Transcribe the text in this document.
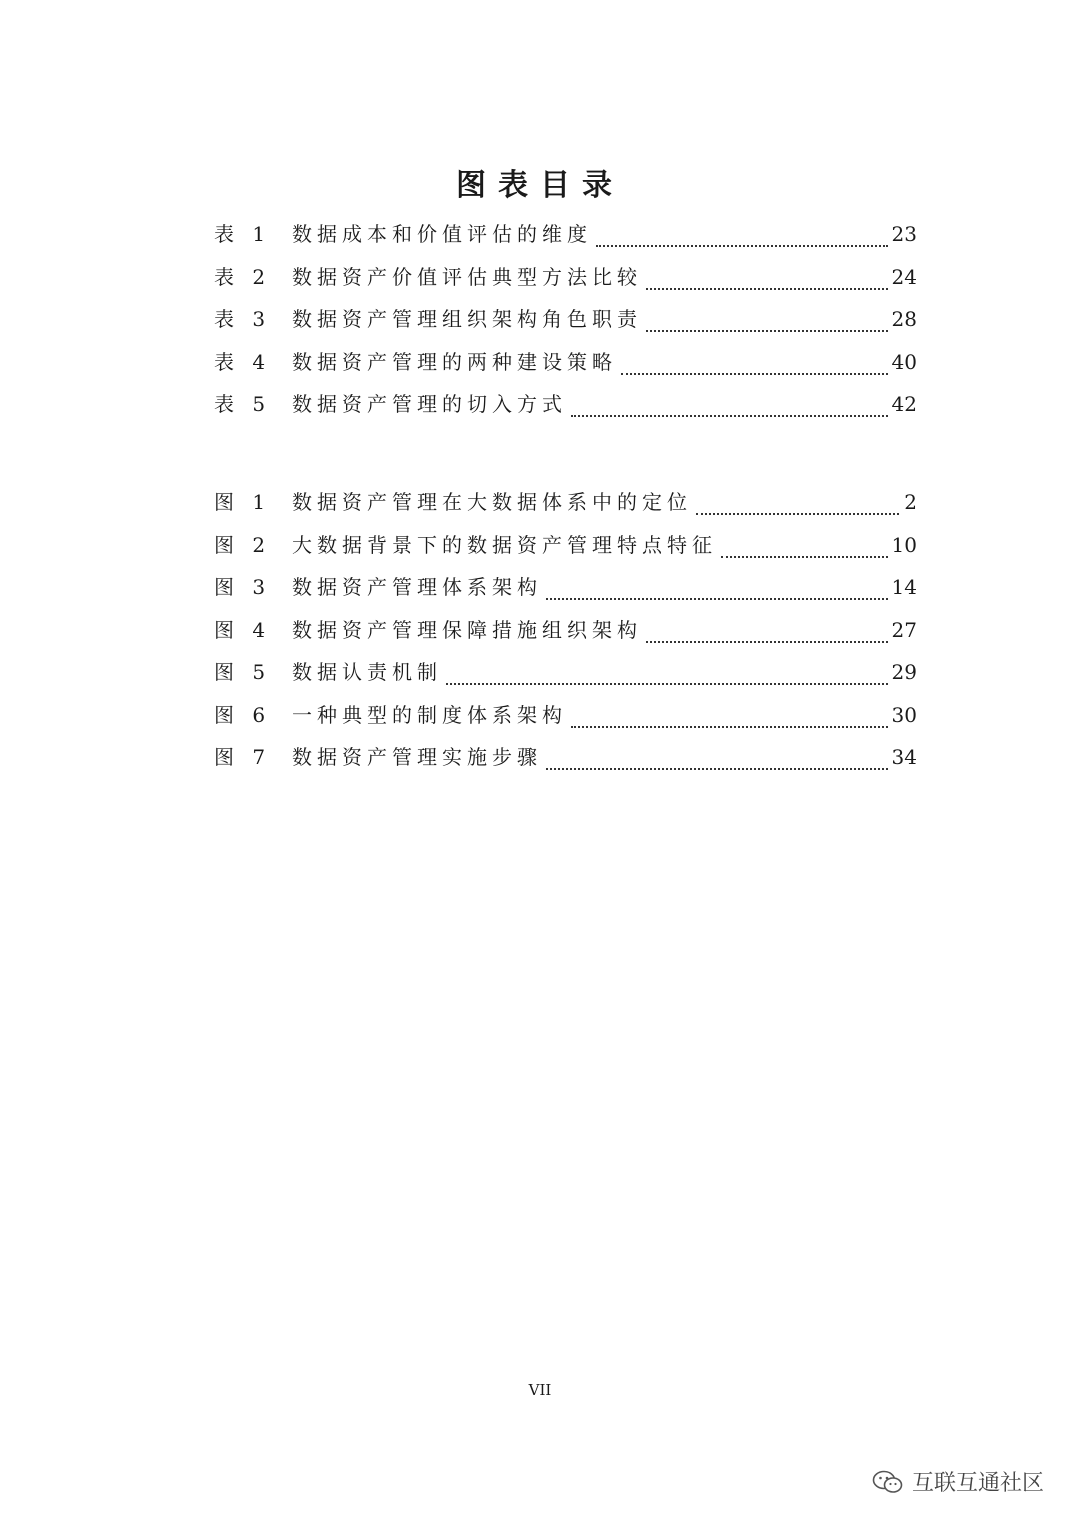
图表目录
表 1	数据成本和价值评估的维度	23
表 2	数据资产价值评估典型方法比较	24
表 3	数据资产管理组织架构角色职责	28
表 4	数据资产管理的两种建设策略	40
表 5	数据资产管理的切入方式	42
图 1	数据资产管理在大数据体系中的定位	2
图 2	大数据背景下的数据资产管理特点特征	10
图 3	数据资产管理体系架构	14
图 4	数据资产管理保障措施组织架构	27
图 5	数据认责机制	29
图 6	一种典型的制度体系架构	30
图 7	数据资产管理实施步骤	34
VII
互联互通社区
